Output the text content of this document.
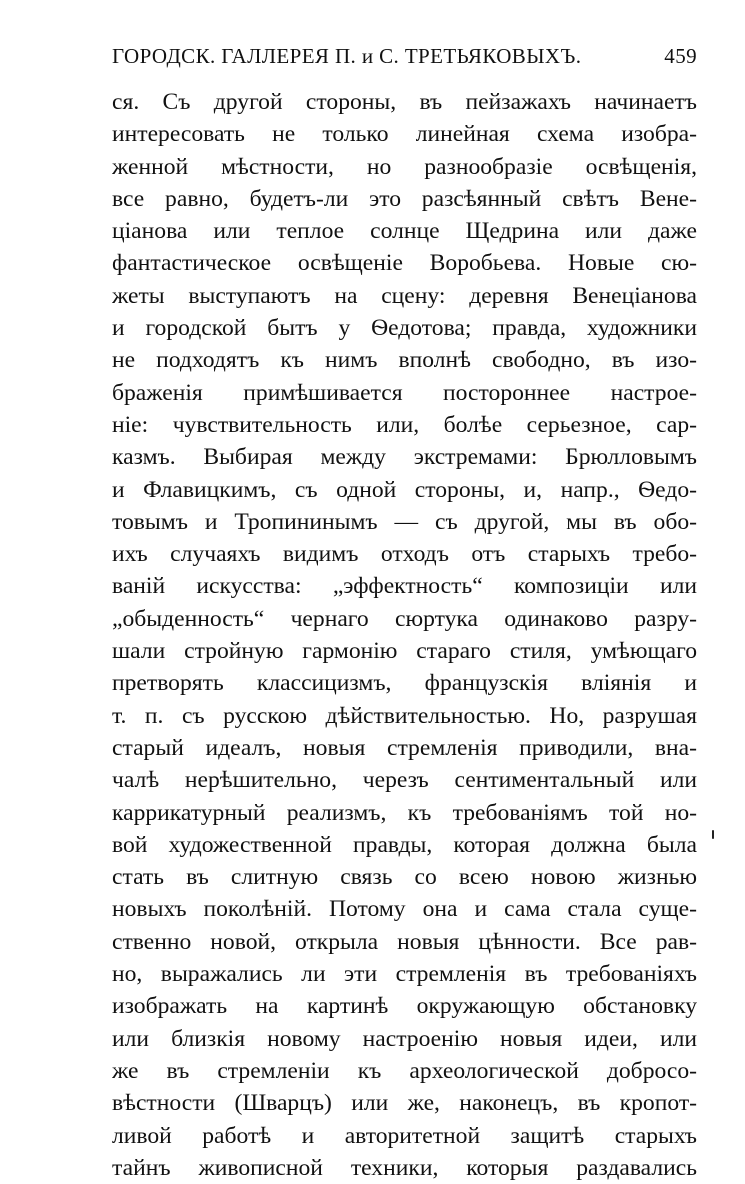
ГОРОДСК. ГАЛЛЕРЕЯ П. и С. ТРЕТЬЯКОВЫХЪ.	459
ся. Съ другой стороны, въ пейзажахъ начинаетъ
интересовать не только линейная схема изобра-
женной мѣстности, но разнообразіе освѣщенія,
все равно, будетъ-ли это разсѣянный свѣтъ Вене-
ціанова или теплое солнце Щедрина или даже
фантастическое освѣщеніе Воробьева. Новые сю-
жеты выступаютъ на сцену: деревня Венеціанова
и городской бытъ у Ѳедотова; правда, художники
не подходятъ къ нимъ вполнѣ свободно, въ изо-
браженія примѣшивается постороннее настрое-
ніе: чувствительность или, болѣе серьезное, сар-
казмъ. Выбирая между экстремами: Брюлловымъ
и Флавицкимъ, съ одной стороны, и, напр., Ѳедо-
товымъ и Тропининымъ — съ другой, мы въ обо-
ихъ случаяхъ видимъ отходъ отъ старыхъ требо-
ваній искусства: „эффектность“ композиціи или
„обыденность“ чернаго сюртука одинаково разру-
шали стройную гармонію стараго стиля, умѣющаго
претворять классицизмъ, французскія вліянія и
т. п. съ русскою дѣйствительностью. Но, разрушая
старый идеалъ, новыя стремленія приводили, вна-
чалѣ нерѣшительно, черезъ сентиментальный или
каррикатурный реализмъ, къ требованіямъ той но-
вой художественной правды, которая должна была
стать въ слитную связь со всею новою жизнью
новыхъ поколѣній. Потому она и сама стала суще-
ственно новой, открыла новыя цѣнности. Все рав-
но, выражались ли эти стремленія въ требованіяхъ
изображать на картинѣ окружающую обстановку
или близкія новому настроенію новыя идеи, или
же въ стремленіи къ археологической добросо-
вѣстности (Шварцъ) или же, наконецъ, въ кропот-
ливой работѣ и авторитетной защитѣ старыхъ
тайнъ живописной техники, которыя раздавались
